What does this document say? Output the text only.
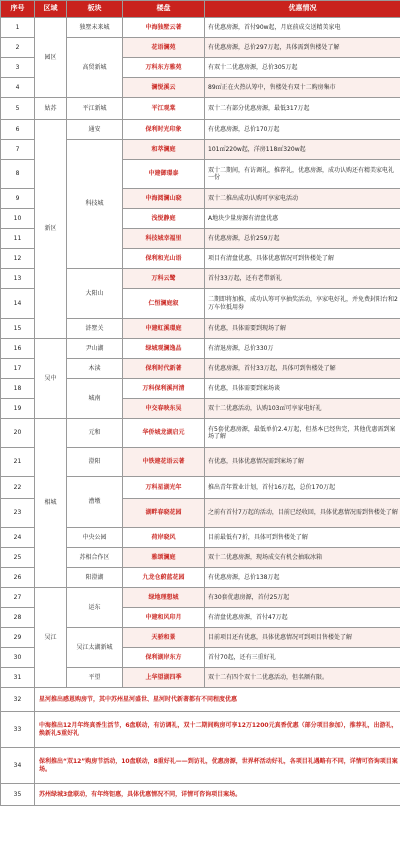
序号	区域	板块	楼盘	优惠情况
1	园区	独墅未来城	中海独墅云著	有优惠房源，首付90w起，月底前成交送精美家电
2		高贸新城	花语澜苑	有优惠房源，总价297万起，具体需到售楼处了解
3			万科东方雅苑	有双十二优惠房源，总价305万起
4			澜悦溪云	89㎡正在火热认筹中，售楼处有双十二购房集市
5	姑苏	平江新城	平江观棠	双十二有部分优惠房源，最低317万起
6	新区	通安	保利时光印象	有优惠房源，总价170万起
7		科技城	和萃澜庭	101㎡220w起，洋房118㎡320w起
8			中建御璟泰	双十二期间，有访调礼，推荐礼，优惠房源，成功认购还有精美家电礼一份
9			中海阅澜山晓	双十二推出成功认购可享家电活动
10			浅悦静庭	A地块少量房源有清盘优惠
11			科技城幸福里	有优惠房源，总价259万起
12			保利和光山语	项目有清盘优惠，具体优惠情况可到售楼处了解
13		大阳山	万科云鹭	首付33万起，还有老带新礼
14			仁恒澜庭叙	二期即将加推，成功认筹可享抽奖活动，享家电好礼，并免费封阳台和2万车位抵用券
15		浒墅关	中建虹溪璟庭	有优惠，具体需要到现场了解
16	吴中	尹山湖	绿城观澜逸品	有清退房源，总价330万
17		木渎	保利时代新著	有优惠房源，首付33万起，具体可到售楼处了解
18		城南	万科保利溪河清	有优惠，具体需要到案场谈
19			中交春映东吴	双十二优惠活动，认购103㎡可享家电好礼
20	相城	元和	华侨城龙湖启元	有5套优惠房源，最低单价2.4万起，但基本已经售完，其他优惠需到案场了解
21		澄阳	中铁建花语云著	有优惠，具体优惠情况需到案场了解
22		漕墩	万科星湖光年	推出青年置业计划，首付16万起，总价170万起
23			湖畔春晓花园	之前有首付7万起的活动，目前已经收回，具体优惠情况需到售楼处了解
24		中央公园	荷岸晓风	目前最低有7折，具体可到售楼处了解
25		苏相合作区	雅颂澜庭	双十二优惠房源，现场成交有机会抽取冰箱
26		阳澄湖	九龙仓蔚蓝花园	有优惠房源，总价138万起
27	吴江	运东	绿地理想城	有30套优惠房源，首付25万起
28			中建和风印月	有清盘优惠房源，首付47万起
29		吴江太湖新城	天骄和景	目前项目还有优惠，具体优惠情况可到项目售楼处了解
30			保利湖岸东方	首付70起，还有三重好礼
31		平望	上华望湖四季	双十二有四个双十二优惠活动，但名额有限。
32	星河推出感恩购房节，其中苏州星河盛世、星河时代新著都有不同程度优惠			
33	中海推出12月年终真香生活节，6盘联动，有访调礼，双十二期间购房可享12万1200元真香优惠（部分项目参加），推荐礼，出游礼，焕新礼5重好礼			
34	保利推出“双12”购房节活动，10盘联动，8重好礼——到访礼，优惠房源，世界杯活动好礼，各项目礼遇略有不同，详情可咨询项目案场。			
35	苏州绿城3盘联动，有年终钜惠，具体优惠情况不同，详情可咨询项目案场。			
